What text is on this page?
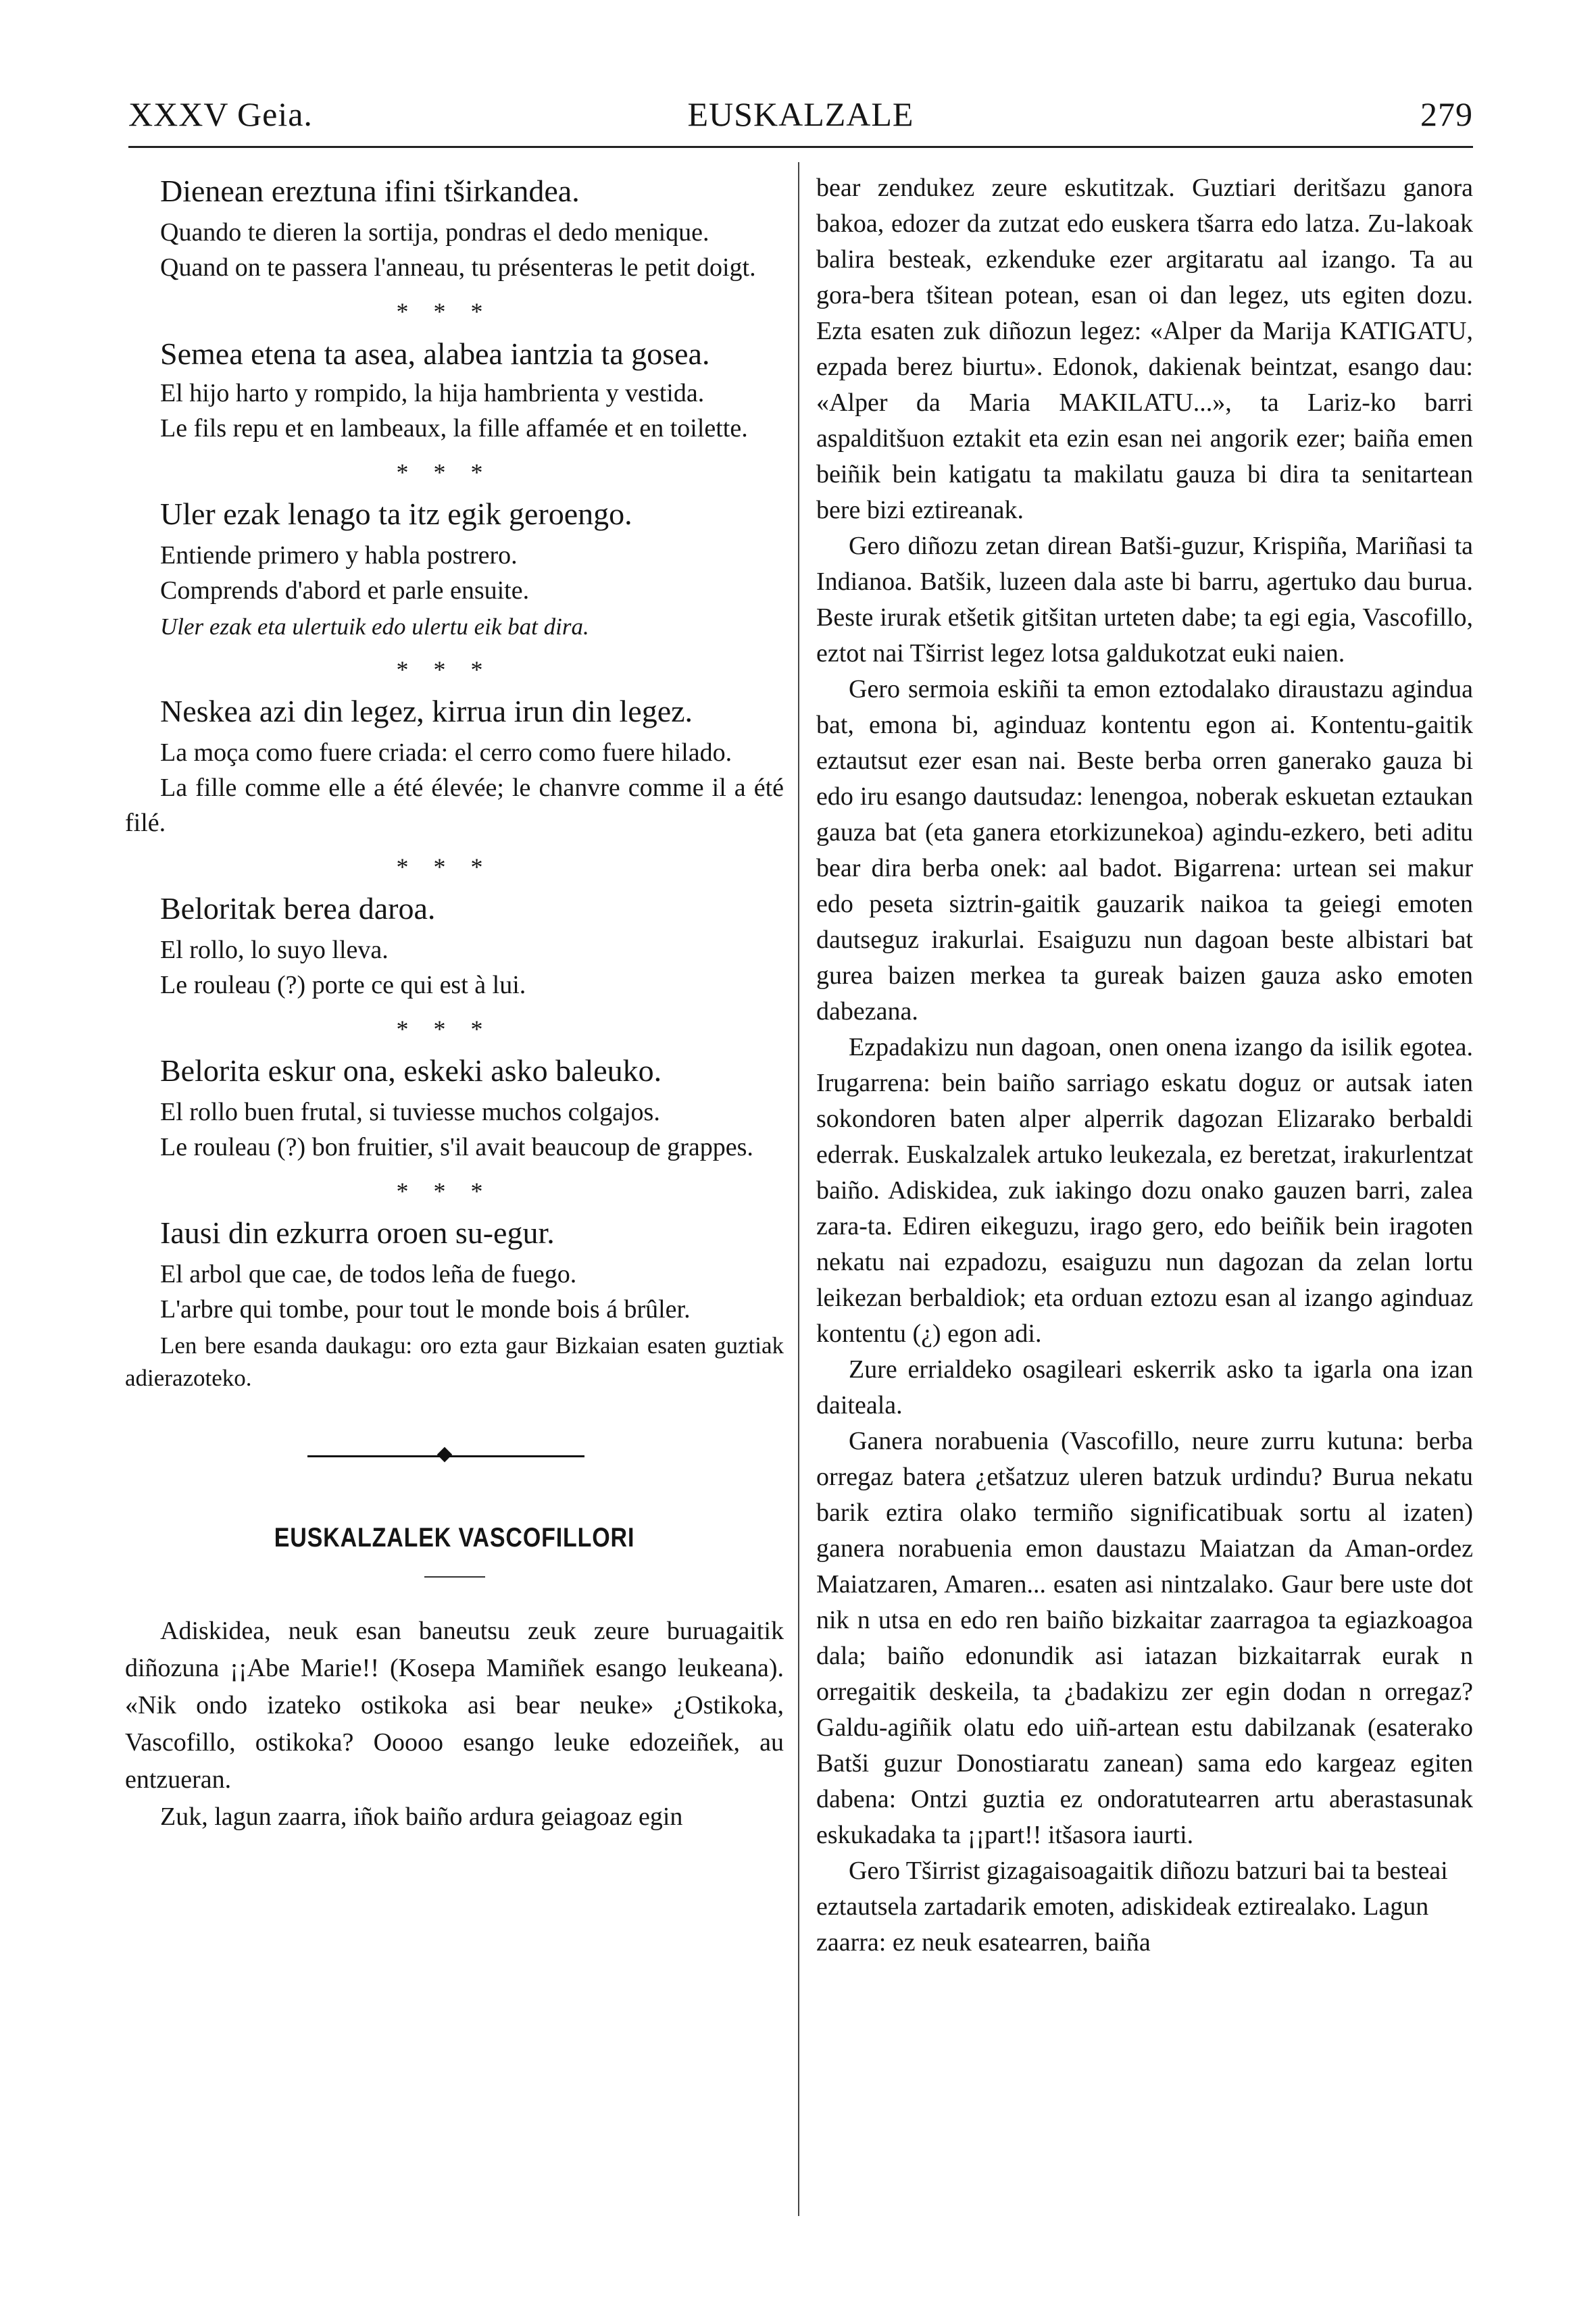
XXXV Geia.	EUSKALZALE	279

Dienean ereztuna ifini tširkandea.

Quando te dieren la sortija, pondras el dedo menique.

Quand on te passera l'anneau, tu présenteras le petit doigt.

* * *

Semea etena ta asea, alabea iantzia ta gosea.

El hijo harto y rompido, la hija hambrienta y vestida.

Le fils repu et en lambeaux, la fille affamée et en toilette.

* * *

Uler ezak lenago ta itz egik geroengo.

Entiende primero y habla postrero.

Comprends d'abord et parle ensuite.

Uler ezak eta ulertuik edo ulertu eik bat dira.

* * *

Neskea azi din legez, kirrua irun din legez.

La moça como fuere criada: el cerro como fuere hilado.

La fille comme elle a été élevée; le chanvre comme il a été filé.

* * *

Beloritak berea daroa.

El rollo, lo suyo lleva.

Le rouleau (?) porte ce qui est à lui.

* * *

Belorita eskur ona, eskeki asko baleuko.

El rollo buen frutal, si tuviesse muchos colgajos.

Le rouleau (?) bon fruitier, s'il avait beaucoup de grappes.

* * *

Iausi din ezkurra oroen su-egur.

El arbol que cae, de todos leña de fuego.

L'arbre qui tombe, pour tout le monde bois á brûler.

Len bere esanda daukagu: oro ezta gaur Bizkaian esaten guztiak adierazoteko.

EUSKALZALEK VASCOFILLORI

Adiskidea, neuk esan baneutsu zeuk zeure buruagaitik diñozuna ¡¡Abe Marie!! (Kosepa Mamiñek esango leukeana). «Nik ondo izateko ostikoka asi bear neuke» ¿Ostikoka, Vascofillo, ostikoka? Ooooo esango leuke edozeiñek, au entzueran.

Zuk, lagun zaarra, iñok baiño ardura geiagoaz egin

bear zendukez zeure eskutitzak. Guztiari deritšazu ganora bakoa, edozer da zutzat edo euskera tšarra edo latza. Zu-lakoak balira besteak, ezkenduke ezer argitaratu aal izango. Ta au gora-bera tšitean potean, esan oi dan legez, uts egiten dozu. Ezta esaten zuk diñozun legez: «Alper da Marija KATIGATU, ezpada berez biurtu». Edonok, dakienak beintzat, esango dau: «Alper da Maria MAKILATU...», ta Lariz-ko barri aspalditšuon eztakit eta ezin esan nei angorik ezer; baiña emen beiñik bein katigatu ta makilatu gauza bi dira ta senitartean bere bizi eztireanak.

Gero diñozu zetan direan Batši-guzur, Krispiña, Mariñasi ta Indianoa. Batšik, luzeen dala aste bi barru, agertuko dau burua. Beste irurak etšetik gitšitan urteten dabe; ta egi egia, Vascofillo, eztot nai Tširrist legez lotsa galdukotzat euki naien.

Gero sermoia eskiñi ta emon eztodalako diraustazu agindua bat, emona bi, aginduaz kontentu egon ai. Kontentu-gaitik eztautsut ezer esan nai. Beste berba orren ganerako gauza bi edo iru esango dautsudaz: lenengoa, noberak eskuetan eztaukan gauza bat (eta ganera etorkizunekoa) agindu-ezkero, beti aditu bear dira berba onek: aal badot. Bigarrena: urtean sei makur edo peseta siztrin-gaitik gauzarik naikoa ta geiegi emoten dautseguz irakurlai. Esaiguzu nun dagoan beste albistari bat gurea baizen merkea ta gureak baizen gauza asko emoten dabezana.

Ezpadakizu nun dagoan, onen onena izango da isilik egotea. Irugarrena: bein baiño sarriago eskatu doguz or autsak iaten sokondoren baten alper alperrik dagozan Elizarako berbaldi ederrak. Euskalzalek artuko leukezala, ez beretzat, irakurlentzat baiño. Adiskidea, zuk iakingo dozu onako gauzen barri, zalea zara-ta. Ediren eikeguzu, irago gero, edo beiñik bein iragoten nekatu nai ezpadozu, esaiguzu nun dagozan da zelan lortu leikezan berbaldiok; eta orduan eztozu esan al izango aginduaz kontentu (¿) egon adi.

Zure errialdeko osagileari eskerrik asko ta igarla ona izan daiteala.

Ganera norabuenia (Vascofillo, neure zurru kutuna: berba orregaz batera ¿etšatzuz uleren batzuk urdindu? Burua nekatu barik eztira olako termiño significatibuak sortu al izaten) ganera norabuenia emon daustazu Maiatzan da Aman-ordez Maiatzaren, Amaren... esaten asi nintzalako. Gaur bere uste dot nik n utsa en edo ren baiño bizkaitar zaarragoa ta egiazkoagoa dala; baiño edonundik asi iatazan bizkaitarrak eurak n orregaitik deskeila, ta ¿badakizu zer egin dodan n orregaz? Galdu-agiñik olatu edo uiñ-artean estu dabilzanak (esaterako Batši guzur Donostiaratu zanean) sama edo kargeaz egiten dabena: Ontzi guztia ez ondoratutearren artu aberastasunak eskukadaka ta ¡¡part!! itšasora iaurti.

Gero Tširrist gizagaisoagaitik diñozu batzuri bai ta besteai eztautsela zartadarik emoten, adiskideak eztirealako. Lagun zaarra: ez neuk esatearren, baiña
